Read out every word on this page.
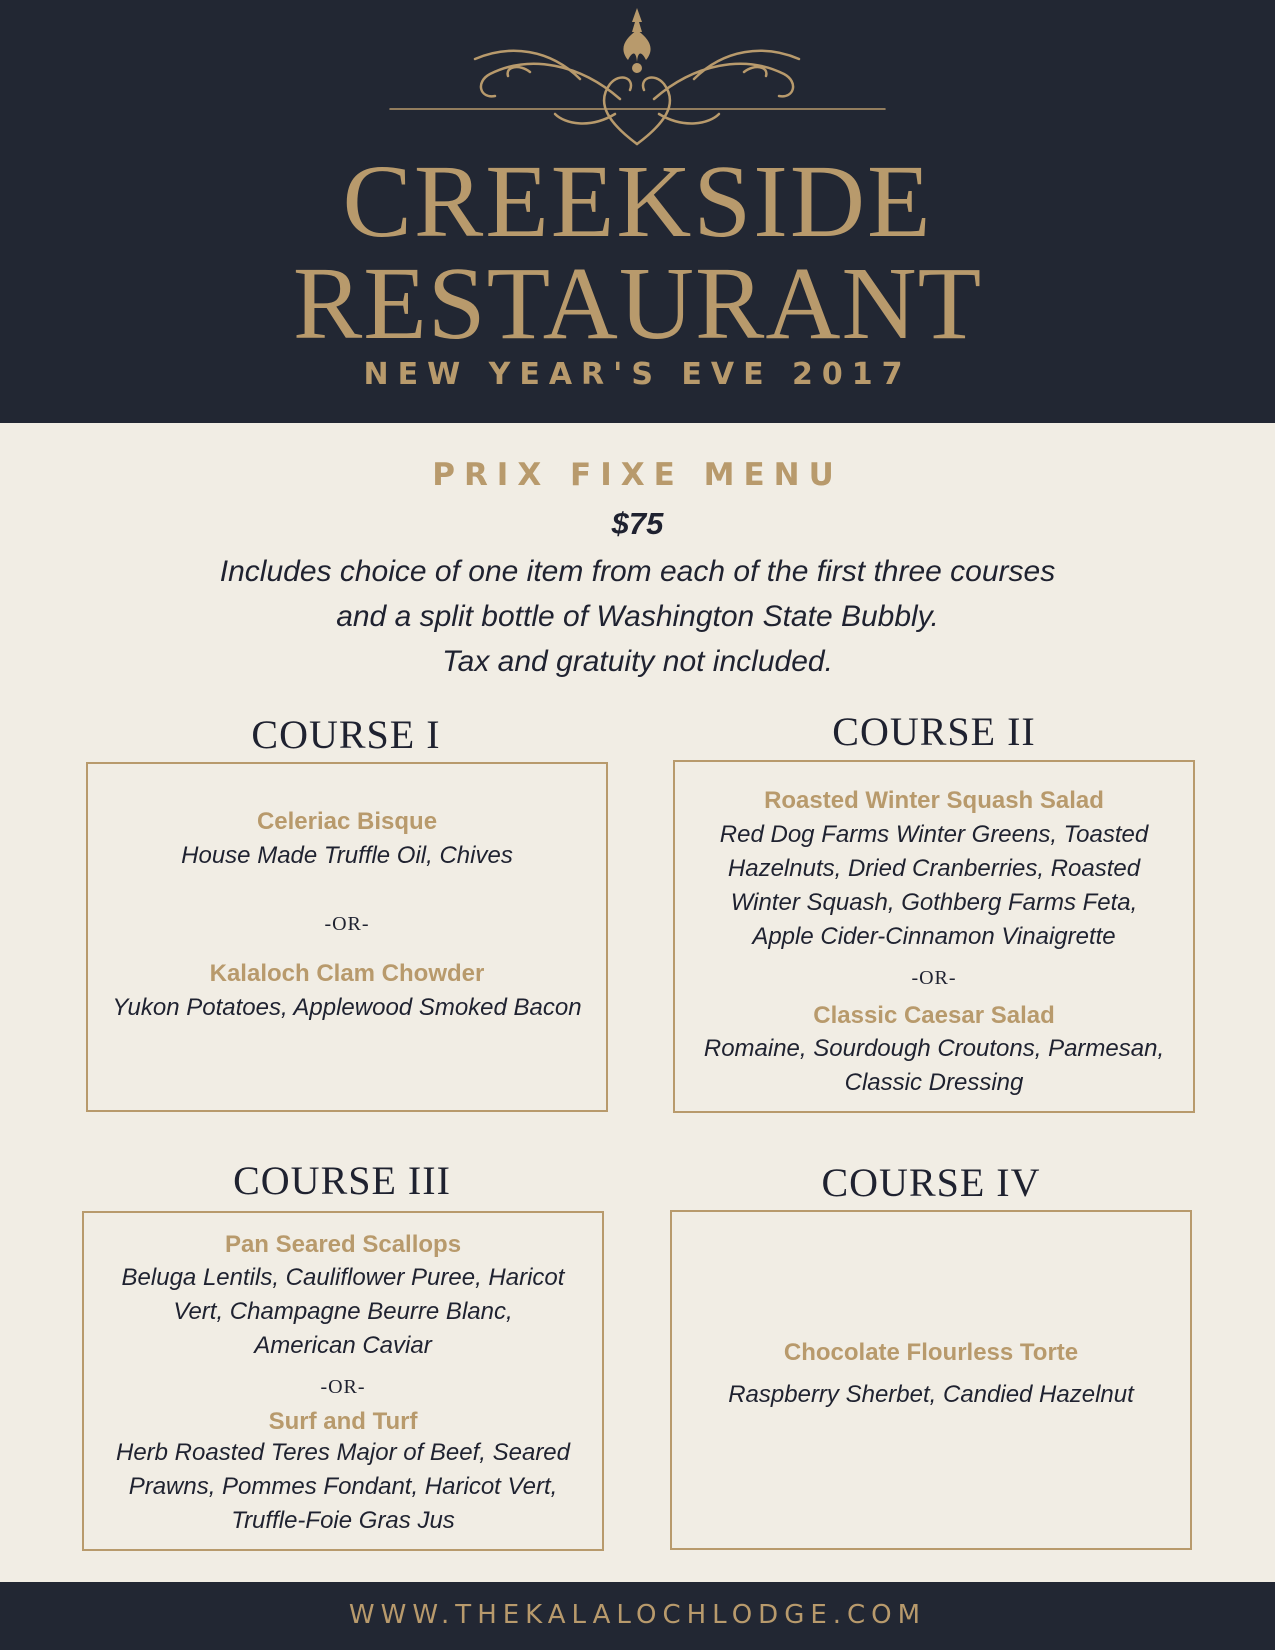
CREEKSIDE
RESTAURANT
NEW YEAR'S EVE 2017
PRIX FIXE MENU
$75
Includes choice of one item from each of the first three courses
and a split bottle of Washington State Bubbly.
Tax and gratuity not included.
COURSE I
Celeriac Bisque
House Made Truffle Oil, Chives
-OR-
Kalaloch Clam Chowder
Yukon Potatoes, Applewood Smoked Bacon
COURSE II
Roasted Winter Squash Salad
Red Dog Farms Winter Greens, Toasted
Hazelnuts, Dried Cranberries, Roasted
Winter Squash, Gothberg Farms Feta,
Apple Cider-Cinnamon Vinaigrette
-OR-
Classic Caesar Salad
Romaine, Sourdough Croutons, Parmesan,
Classic Dressing
COURSE III
Pan Seared Scallops
Beluga Lentils, Cauliflower Puree, Haricot
Vert, Champagne Beurre Blanc,
American Caviar
-OR-
Surf and Turf
Herb Roasted Teres Major of Beef, Seared
Prawns, Pommes Fondant, Haricot Vert,
Truffle-Foie Gras Jus
COURSE IV
Chocolate Flourless Torte
Raspberry Sherbet, Candied Hazelnut
WWW.THEKALALOCHLODGE.COM
